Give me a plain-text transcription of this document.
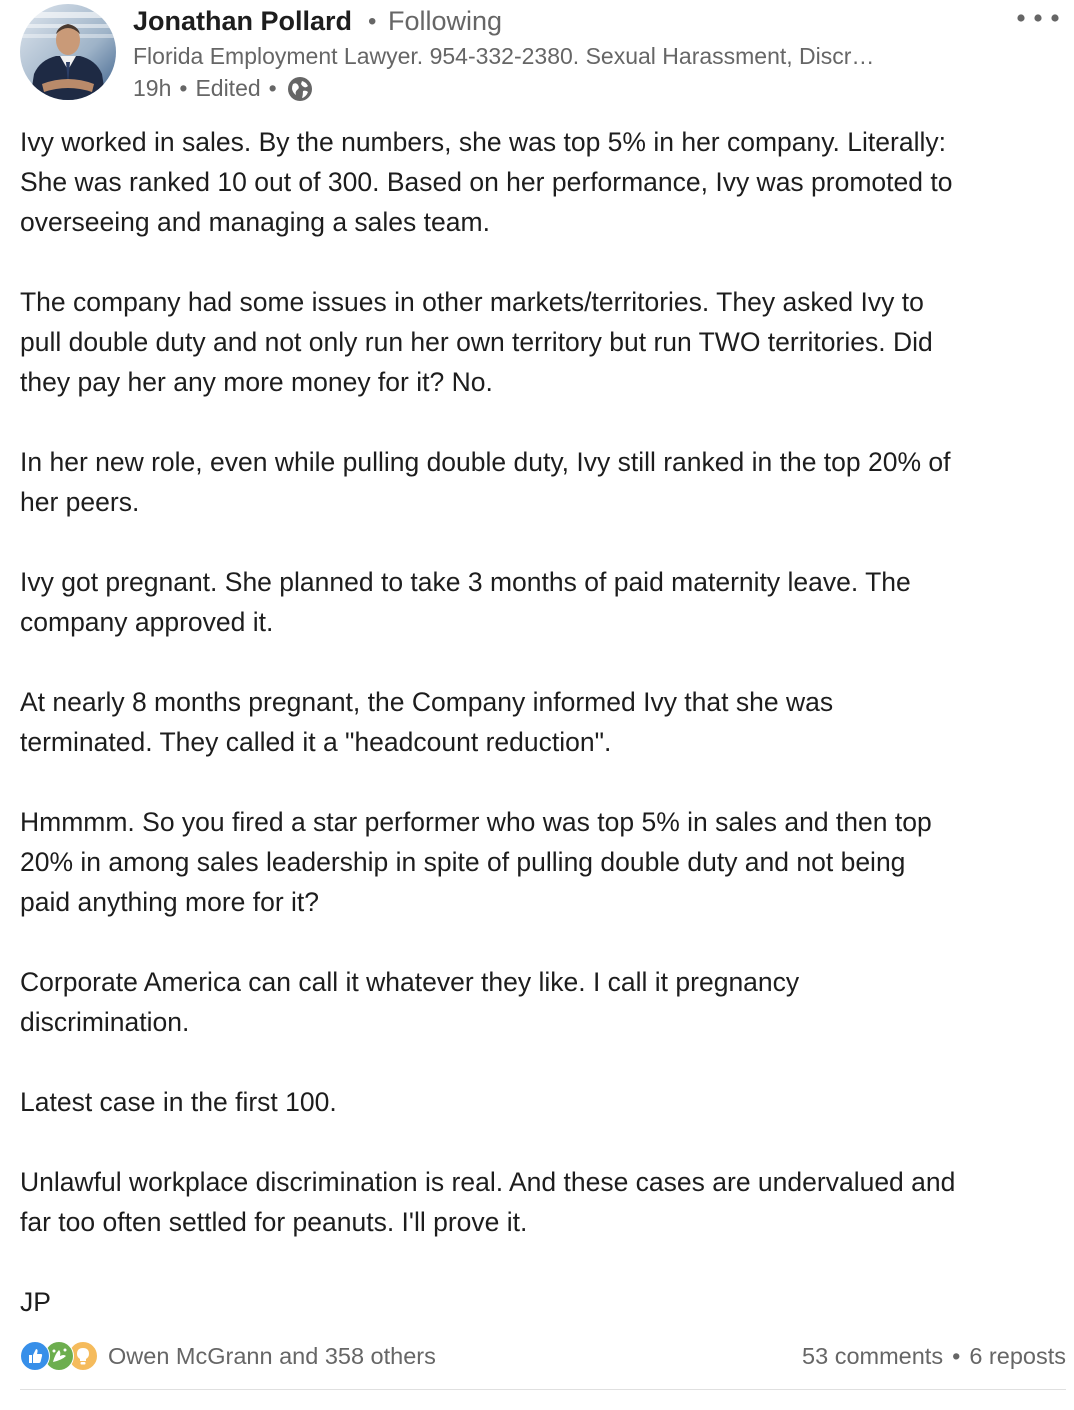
Jonathan Pollard • Following
Florida Employment Lawyer. 954-332-2380. Sexual Harassment, Discr…
19h • Edited •

Ivy worked in sales. By the numbers, she was top 5% in her company. Literally:
She was ranked 10 out of 300. Based on her performance, Ivy was promoted to
overseeing and managing a sales team.

The company had some issues in other markets/territories. They asked Ivy to
pull double duty and not only run her own territory but run TWO territories. Did
they pay her any more money for it? No.

In her new role, even while pulling double duty, Ivy still ranked in the top 20% of
her peers.

Ivy got pregnant. She planned to take 3 months of paid maternity leave. The
company approved it.

At nearly 8 months pregnant, the Company informed Ivy that she was
terminated. They called it a "headcount reduction".

Hmmmm. So you fired a star performer who was top 5% in sales and then top
20% in among sales leadership in spite of pulling double duty and not being
paid anything more for it?

Corporate America can call it whatever they like. I call it pregnancy
discrimination.

Latest case in the first 100.

Unlawful workplace discrimination is real. And these cases are undervalued and
far too often settled for peanuts. I'll prove it.

JP

Owen McGrann and 358 others	53 comments • 6 reposts
